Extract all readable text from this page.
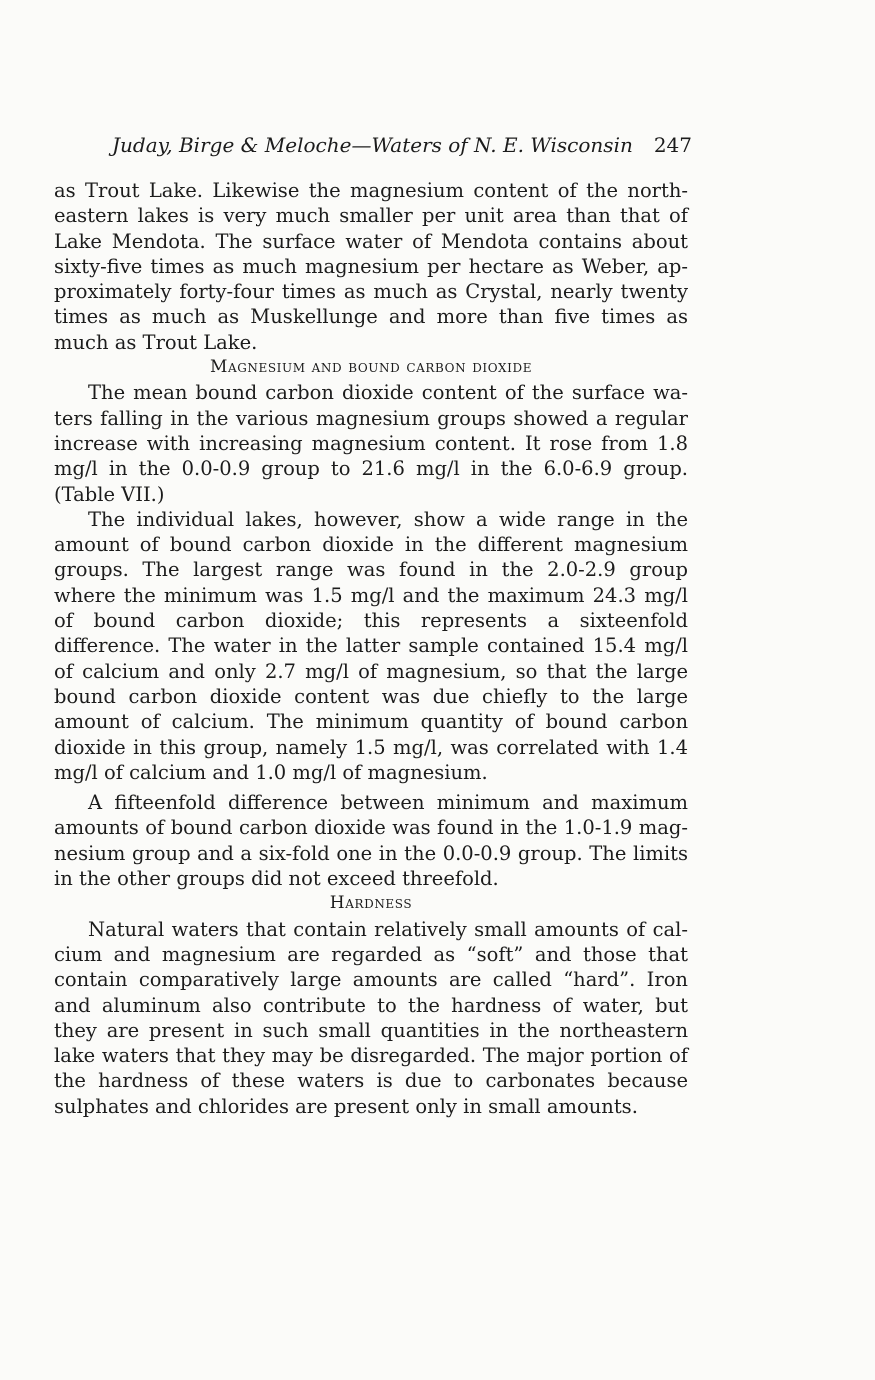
Juday, Birge & Meloche—Waters of N. E. Wisconsin 247

as Trout Lake. Likewise the magnesium content of the northeastern lakes is very much smaller per unit area than that of Lake Mendota. The surface water of Mendota contains about sixty-five times as much magnesium per hectare as Weber, approximately forty-four times as much as Crystal, nearly twenty times as much as Muskellunge and more than five times as much as Trout Lake.

Magnesium and bound carbon dioxide

The mean bound carbon dioxide content of the surface waters falling in the various magnesium groups showed a regular increase with increasing magnesium content. It rose from 1.8 mg/l in the 0.0-0.9 group to 21.6 mg/l in the 6.0-6.9 group. (Table VII.)

The individual lakes, however, show a wide range in the amount of bound carbon dioxide in the different magnesium groups. The largest range was found in the 2.0-2.9 group where the minimum was 1.5 mg/l and the maximum 24.3 mg/l of bound carbon dioxide; this represents a sixteenfold difference. The water in the latter sample contained 15.4 mg/l of calcium and only 2.7 mg/l of magnesium, so that the large bound carbon dioxide content was due chiefly to the large amount of calcium. The minimum quantity of bound carbon dioxide in this group, namely 1.5 mg/l, was correlated with 1.4 mg/l of calcium and 1.0 mg/l of magnesium.

A fifteenfold difference between minimum and maximum amounts of bound carbon dioxide was found in the 1.0-1.9 magnesium group and a six-fold one in the 0.0-0.9 group. The limits in the other groups did not exceed threefold.

Hardness

Natural waters that contain relatively small amounts of calcium and magnesium are regarded as “soft” and those that contain comparatively large amounts are called “hard”. Iron and aluminum also contribute to the hardness of water, but they are present in such small quantities in the northeastern lake waters that they may be disregarded. The major portion of the hardness of these waters is due to carbonates because sulphates and chlorides are present only in small amounts.
